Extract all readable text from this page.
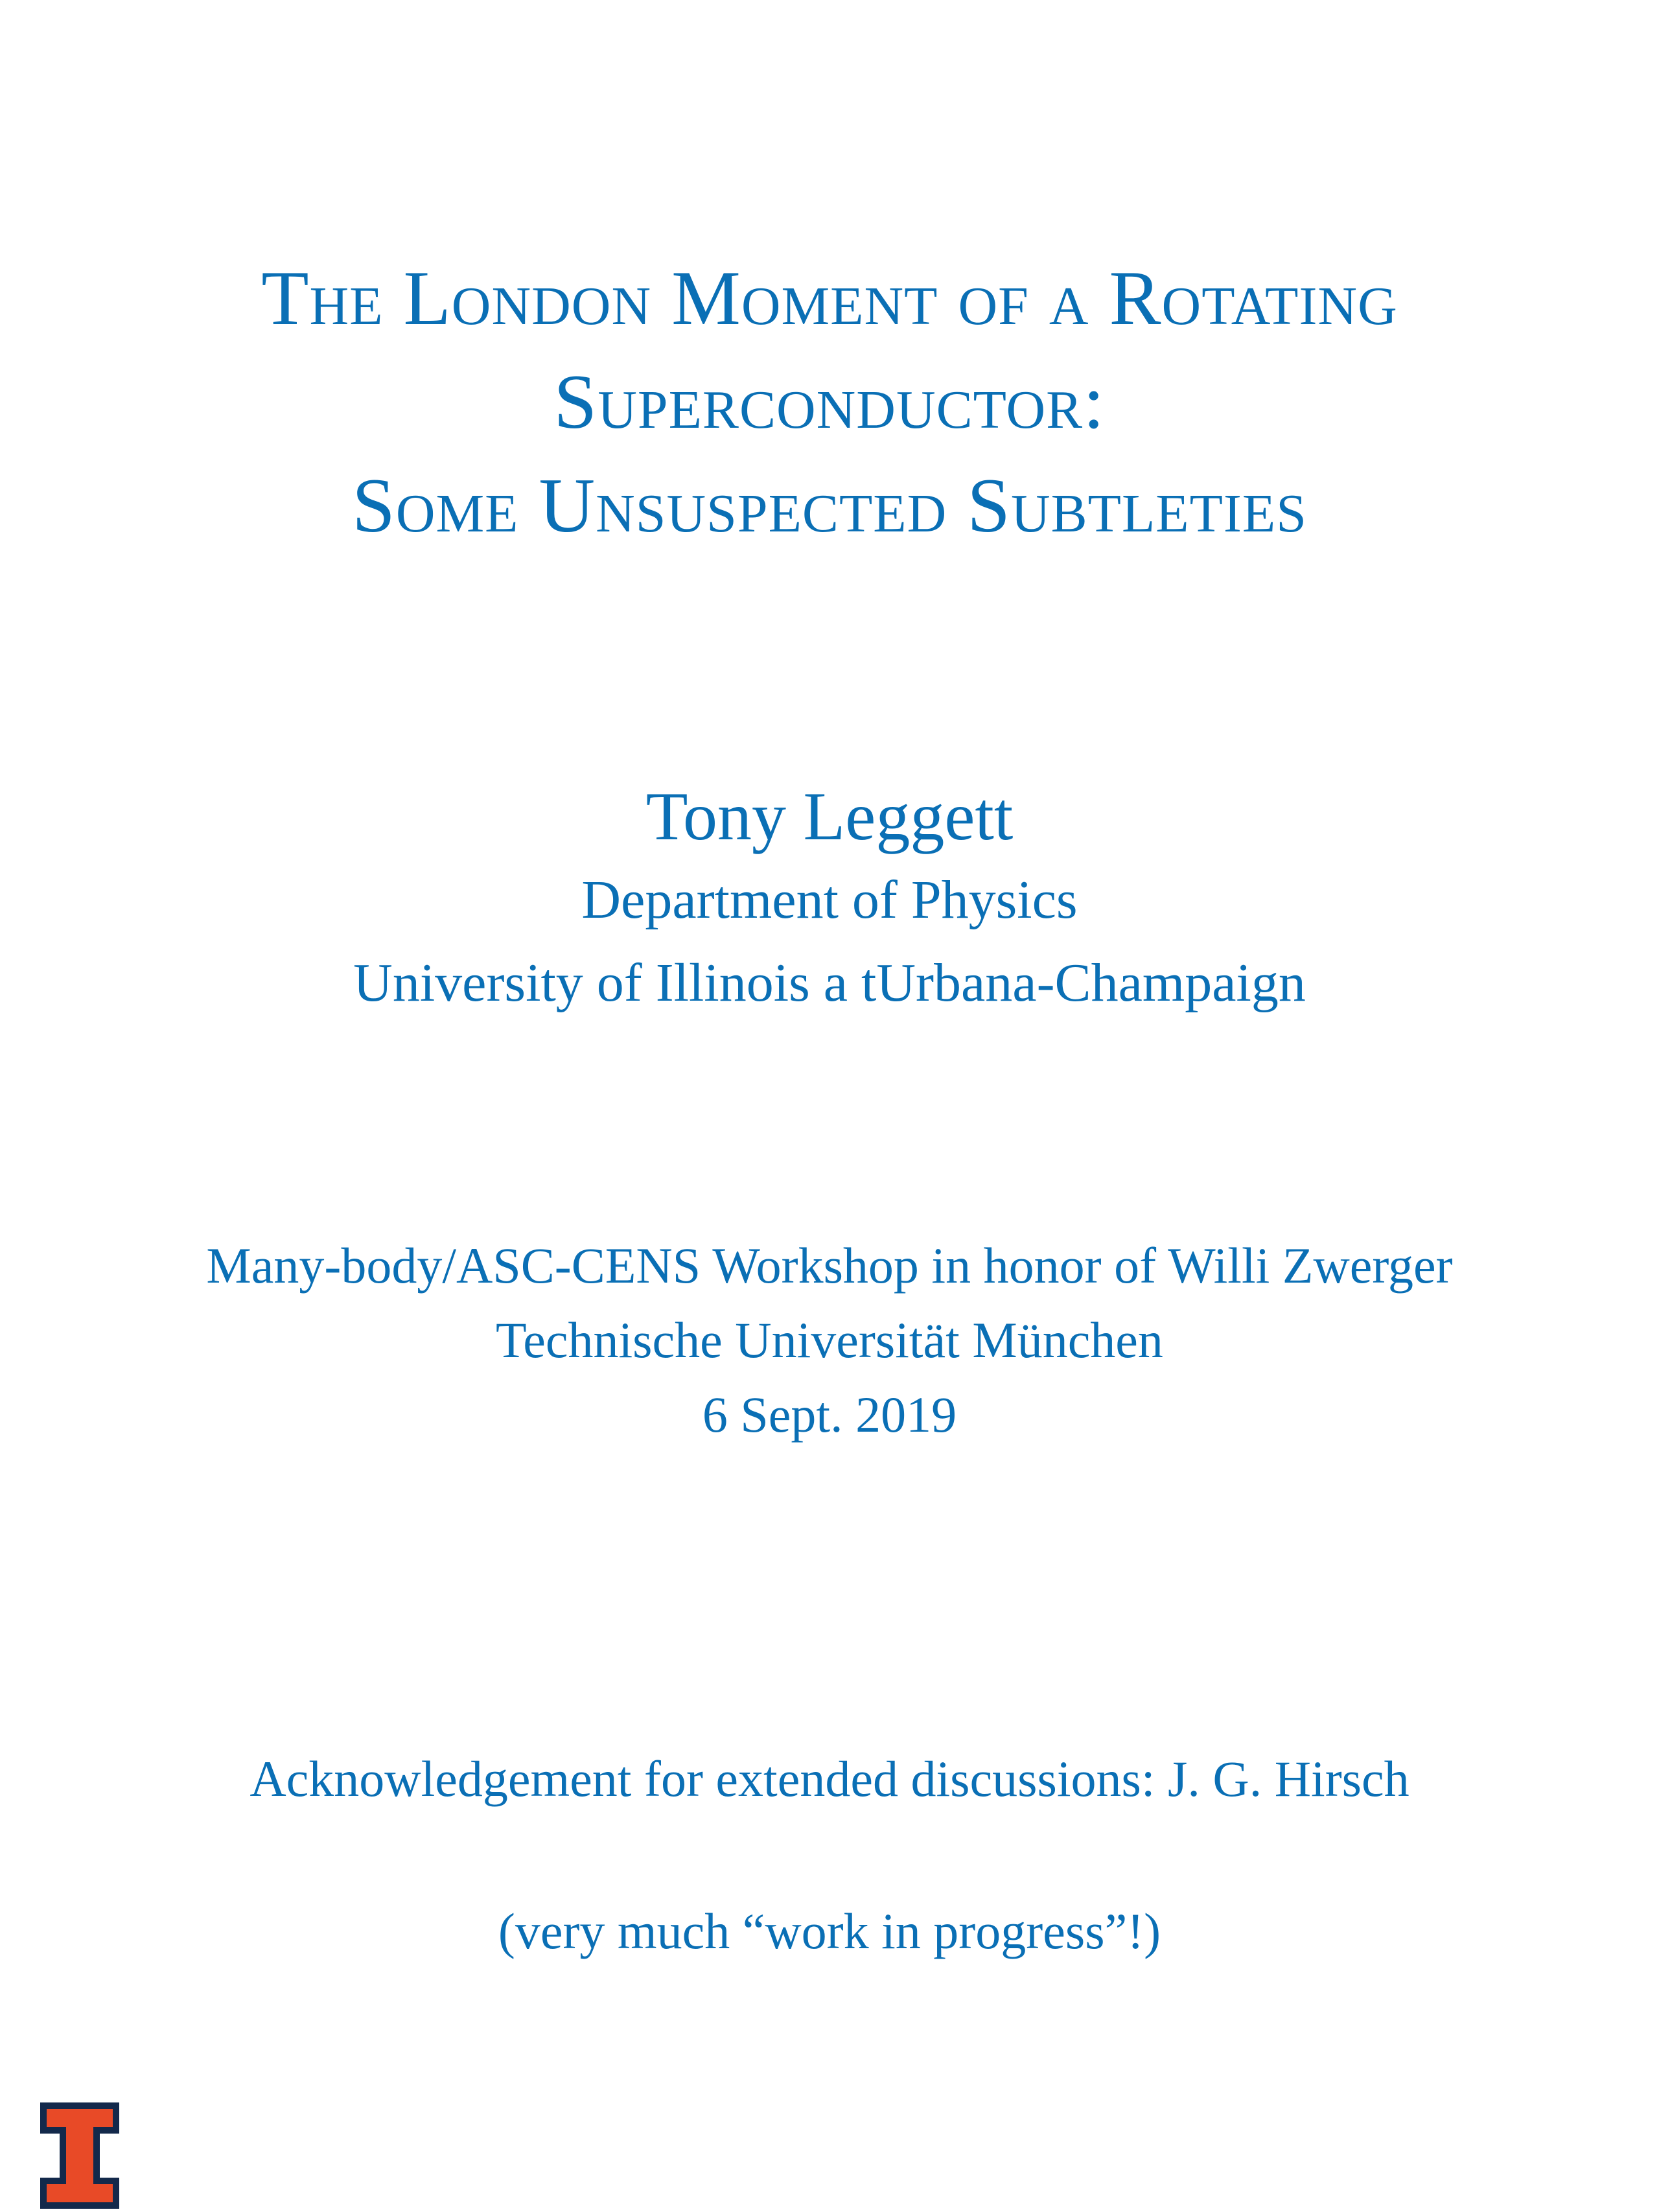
The London Moment of a Rotating
Superconductor:
Some Unsuspected Subtleties
Tony Leggett
Department of Physics
University of Illinois a tUrbana-Champaign
Many-body/ASC-CENS Workshop in honor of Willi Zwerger
Technische Universität München
6 Sept. 2019
Acknowledgement for extended discussions: J. G. Hirsch
(very much “work in progress”!)
